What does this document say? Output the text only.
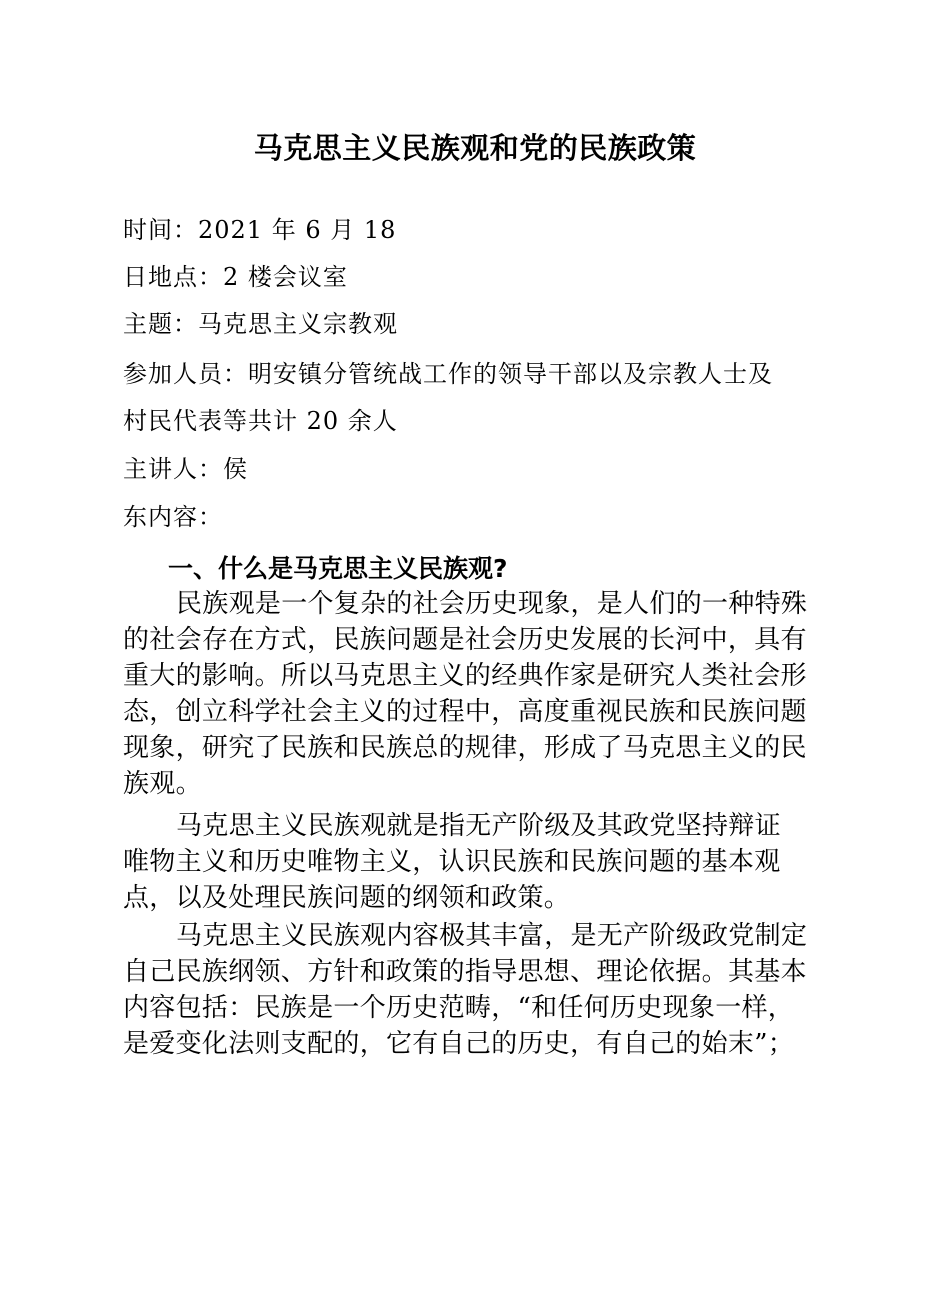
马克思主义民族观和党的民族政策
时间：2021 年 6 月 18
日地点：2 楼会议室
主题：马克思主义宗教观
参加人员：明安镇分管统战工作的领导干部以及宗教人士及
村民代表等共计 20 余人
主讲人：侯
东内容：
一、什么是马克思主义民族观?
民族观是一个复杂的社会历史现象，是人们的一种特殊
的社会存在方式，民族问题是社会历史发展的长河中，具有
重大的影响。所以马克思主义的经典作家是研究人类社会形
态，创立科学社会主义的过程中，高度重视民族和民族问题
现象，研究了民族和民族总的规律，形成了马克思主义的民
族观。
马克思主义民族观就是指无产阶级及其政党坚持辩证
唯物主义和历史唯物主义，认识民族和民族问题的基本观
点，以及处理民族问题的纲领和政策。
马克思主义民族观内容极其丰富，是无产阶级政党制定
自己民族纲领、方针和政策的指导思想、理论依据。其基本
内容包括：民族是一个历史范畴，“和任何历史现象一样，
是爱变化法则支配的，它有自己的历史，有自己的始末”；
